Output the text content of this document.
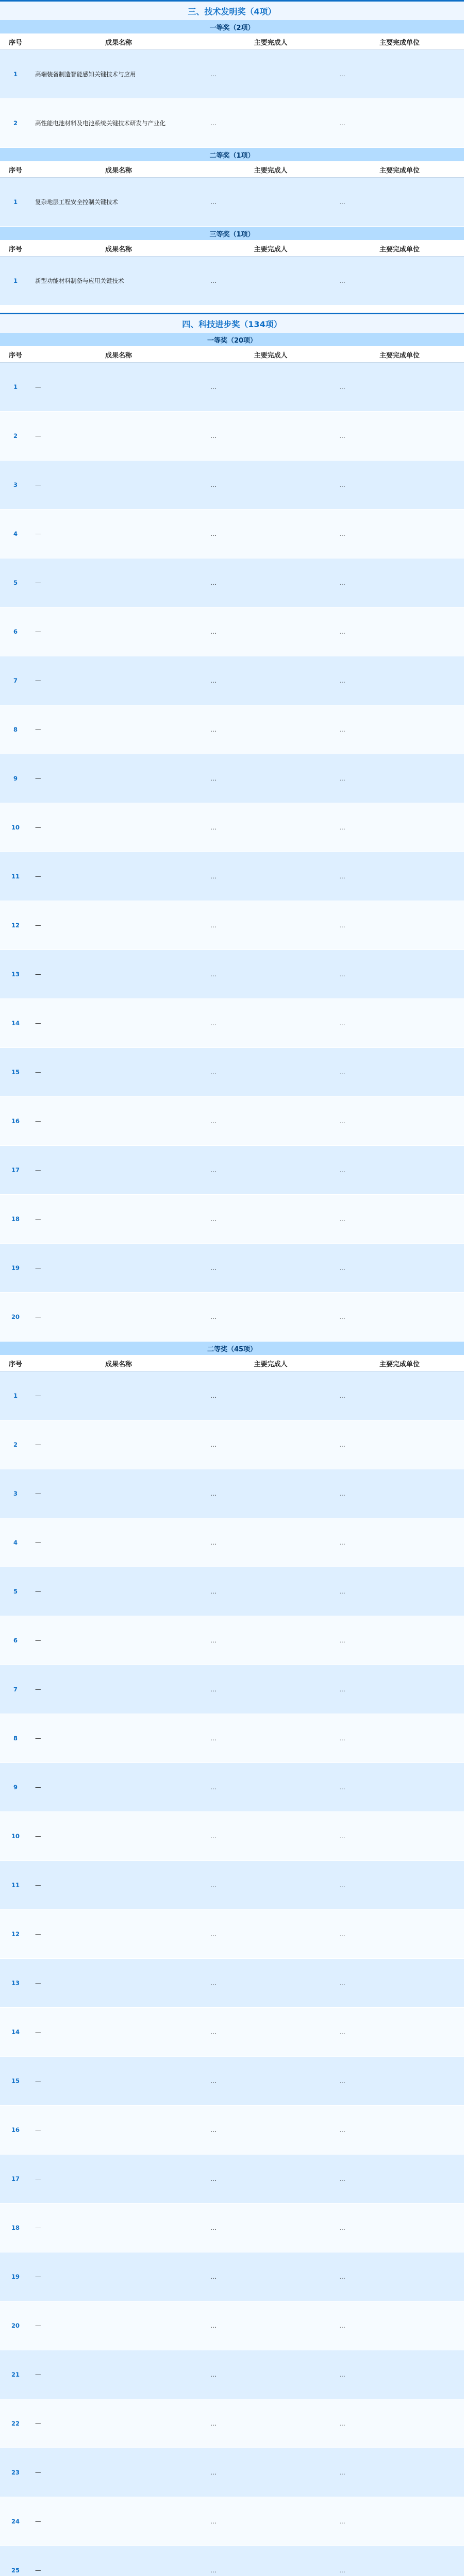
三、技术发明奖（4项）
一等奖（2项）
序号	成果名称	主要完成人	主要完成单位
1	高端装备制造智能感知关键技术与应用	…	…
2	高性能电池材料及电池系统关键技术研发与产业化	…	…
二等奖（1项）
序号	成果名称	主要完成人	主要完成单位
1	复杂地层工程安全控制关键技术	…	…
三等奖（1项）
序号	成果名称	主要完成人	主要完成单位
1	新型功能材料制备与应用关键技术	…	…
四、科技进步奖（134项）
一等奖（20项）
序号	成果名称	主要完成人	主要完成单位
1	—	…	…
2	—	…	…
3	—	…	…
4	—	…	…
5	—	…	…
6	—	…	…
7	—	…	…
8	—	…	…
9	—	…	…
10	—	…	…
11	—	…	…
12	—	…	…
13	—	…	…
14	—	…	…
15	—	…	…
16	—	…	…
17	—	…	…
18	—	…	…
19	—	…	…
20	—	…	…
二等奖（45项）
序号	成果名称	主要完成人	主要完成单位
1	—	…	…
2	—	…	…
3	—	…	…
4	—	…	…
5	—	…	…
6	—	…	…
7	—	…	…
8	—	…	…
9	—	…	…
10	—	…	…
11	—	…	…
12	—	…	…
13	—	…	…
14	—	…	…
15	—	…	…
16	—	…	…
17	—	…	…
18	—	…	…
19	—	…	…
20	—	…	…
21	—	…	…
22	—	…	…
23	—	…	…
24	—	…	…
25	—	…	…
